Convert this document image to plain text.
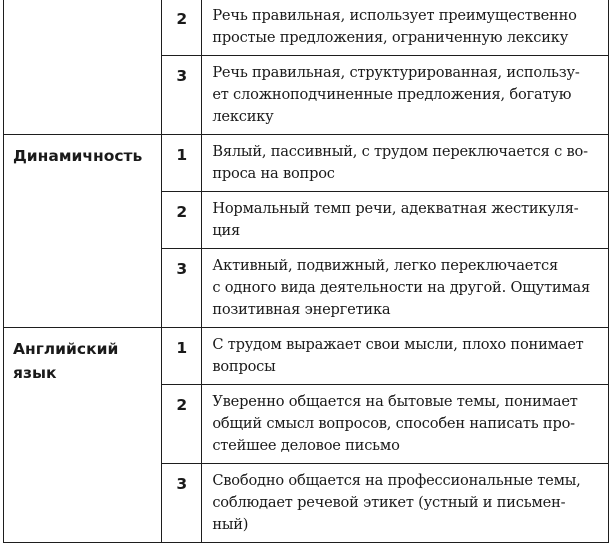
	2	Речь правильная, использует преимущественно
простые предложения, ограниченную лексику

	3	Речь правильная, структурированная, использу-
ет сложноподчиненные предложения, богатую
лексику

Динамичность	1	Вялый, пассивный, с трудом переключается с во-
проса на вопрос

	2	Нормальный темп речи, адекватная жестикуля-
ция

	3	Активный, подвижный, легко переключается
с одного вида деятельности на другой. Ощутимая
позитивная энергетика

Английский
язык
	1	С трудом выражает свои мысли, плохо понимает
вопросы

	2	Уверенно общается на бытовые темы, понимает
общий смысл вопросов, способен написать про-
стейшее деловое письмо

	3	Свободно общается на профессиональные темы,
соблюдает речевой этикет (устный и письмен-
ный)
